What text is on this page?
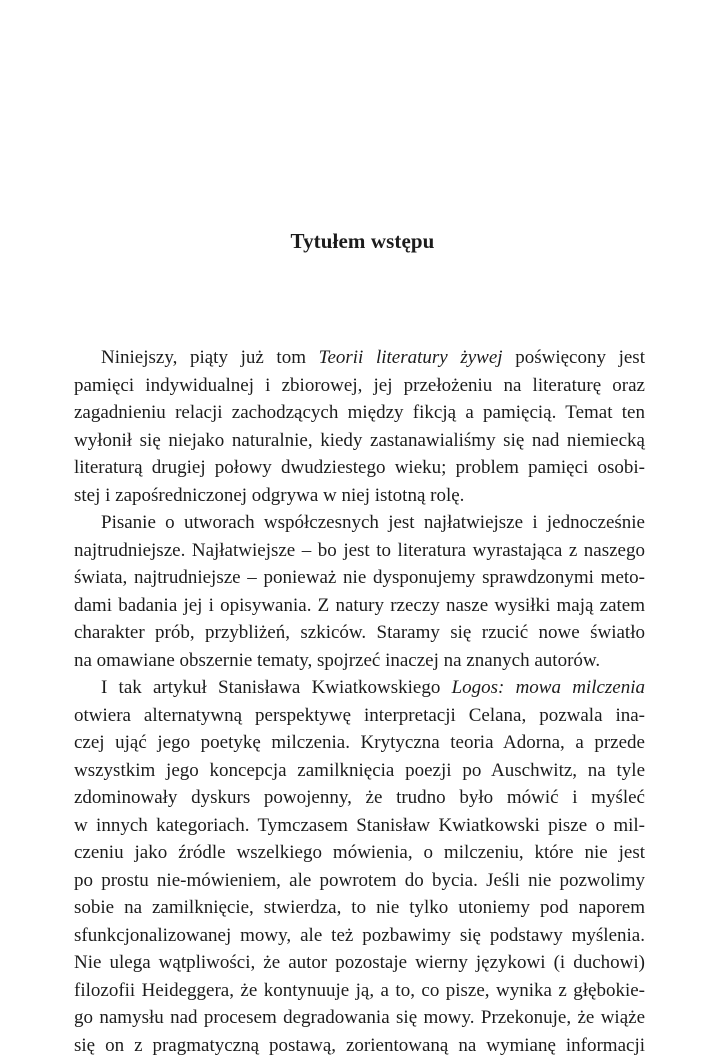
Tytułem wstępu
Niniejszy, piąty już tom Teorii literatury żywej poświęcony jest
pamięci indywidualnej i zbiorowej, jej przełożeniu na literaturę oraz
zagadnieniu relacji zachodzących między fikcją a pamięcią. Temat ten
wyłonił się niejako naturalnie, kiedy zastanawialiśmy się nad niemiecką
literaturą drugiej połowy dwudziestego wieku; problem pamięci osobi-
stej i zapośredniczonej odgrywa w niej istotną rolę.
Pisanie o utworach współczesnych jest najłatwiejsze i jednocześnie
najtrudniejsze. Najłatwiejsze – bo jest to literatura wyrastająca z naszego
świata, najtrudniejsze – ponieważ nie dysponujemy sprawdzonymi meto-
dami badania jej i opisywania. Z natury rzeczy nasze wysiłki mają zatem
charakter prób, przybliżeń, szkiców. Staramy się rzucić nowe światło
na omawiane obszernie tematy, spojrzeć inaczej na znanych autorów.
I tak artykuł Stanisława Kwiatkowskiego Logos: mowa milczenia
otwiera alternatywną perspektywę interpretacji Celana, pozwala ina-
czej ująć jego poetykę milczenia. Krytyczna teoria Adorna, a przede
wszystkim jego koncepcja zamilknięcia poezji po Auschwitz, na tyle
zdominowały dyskurs powojenny, że trudno było mówić i myśleć
w innych kategoriach. Tymczasem Stanisław Kwiatkowski pisze o mil-
czeniu jako źródle wszelkiego mówienia, o milczeniu, które nie jest
po prostu nie-mówieniem, ale powrotem do bycia. Jeśli nie pozwolimy
sobie na zamilknięcie, stwierdza, to nie tylko utoniemy pod naporem
sfunkcjonalizowanej mowy, ale też pozbawimy się podstawy myślenia.
Nie ulega wątpliwości, że autor pozostaje wierny językowi (i duchowi)
filozofii Heideggera, że kontynuuje ją, a to, co pisze, wynika z głębokie-
go namysłu nad procesem degradowania się mowy. Przekonuje, że wiąże
się on z pragmatyczną postawą, zorientowaną na wymianę informacji
